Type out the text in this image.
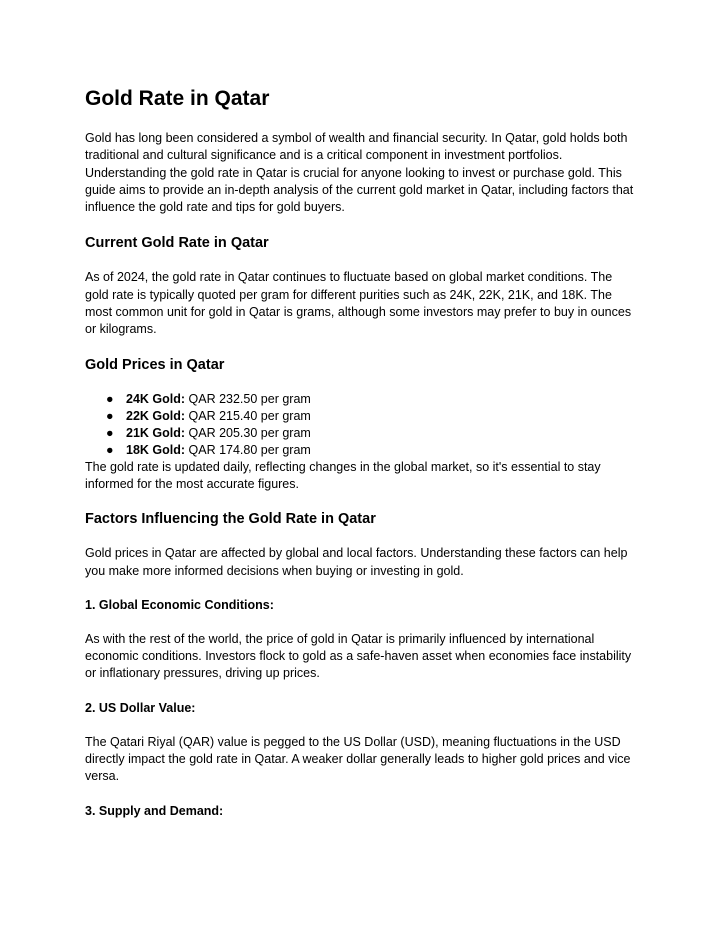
Gold Rate in Qatar

Gold has long been considered a symbol of wealth and financial security. In Qatar, gold holds both traditional and cultural significance and is a critical component in investment portfolios. Understanding the gold rate in Qatar is crucial for anyone looking to invest or purchase gold. This guide aims to provide an in-depth analysis of the current gold market in Qatar, including factors that influence the gold rate and tips for gold buyers.

Current Gold Rate in Qatar

As of 2024, the gold rate in Qatar continues to fluctuate based on global market conditions. The gold rate is typically quoted per gram for different purities such as 24K, 22K, 21K, and 18K. The most common unit for gold in Qatar is grams, although some investors may prefer to buy in ounces or kilograms.

Gold Prices in Qatar
● 24K Gold: QAR 232.50 per gram
● 22K Gold: QAR 215.40 per gram
● 21K Gold: QAR 205.30 per gram
● 18K Gold: QAR 174.80 per gram

The gold rate is updated daily, reflecting changes in the global market, so it's essential to stay informed for the most accurate figures.

Factors Influencing the Gold Rate in Qatar

Gold prices in Qatar are affected by global and local factors. Understanding these factors can help you make more informed decisions when buying or investing in gold.

1. Global Economic Conditions:

As with the rest of the world, the price of gold in Qatar is primarily influenced by international economic conditions. Investors flock to gold as a safe-haven asset when economies face instability or inflationary pressures, driving up prices.

2. US Dollar Value:

The Qatari Riyal (QAR) value is pegged to the US Dollar (USD), meaning fluctuations in the USD directly impact the gold rate in Qatar. A weaker dollar generally leads to higher gold prices and vice versa.

3. Supply and Demand:
